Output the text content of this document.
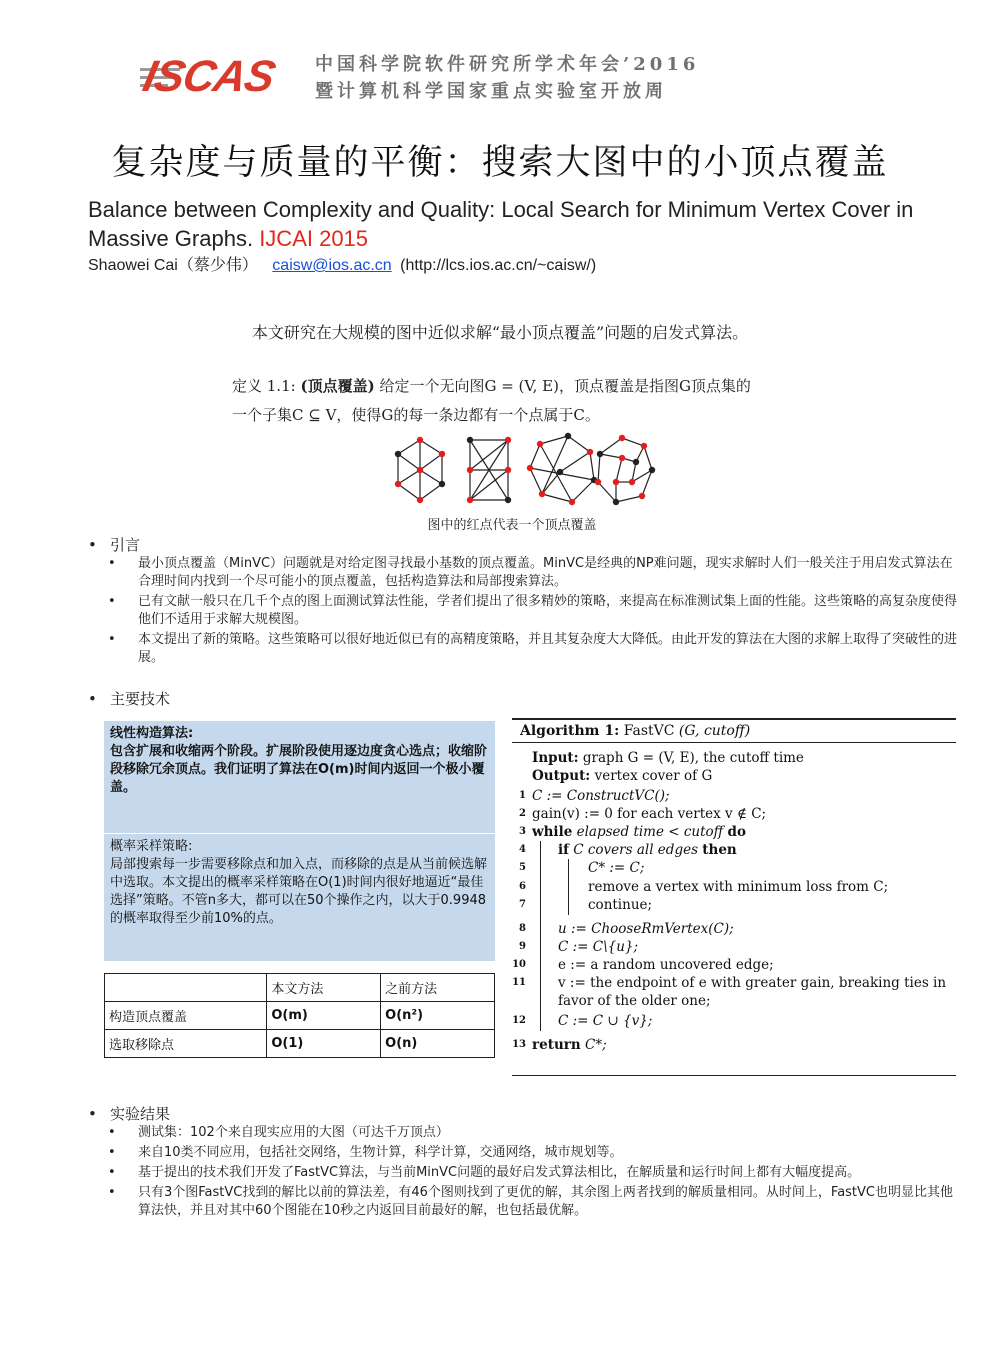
ISCAS 中国科学院软件研究所学术年会’2016
暨计算机科学国家重点实验室开放周
复杂度与质量的平衡：搜索大图中的小顶点覆盖
Balance between Complexity and Quality: Local Search for Minimum Vertex Cover in Massive Graphs. IJCAI 2015
Shaowei Cai（蔡少伟） caisw@ios.ac.cn (http://lcs.ios.ac.cn/~caisw/)
本文研究在大规模的图中近似求解“最小顶点覆盖”问题的启发式算法。
定义 1.1: (顶点覆盖) 给定一个无向图G = (V, E)，顶点覆盖是指图G顶点集的
一个子集C ⊆ V，使得G的每一条边都有一个点属于C。
图中的红点代表一个顶点覆盖
• 引言
• 最小顶点覆盖（MinVC）问题就是对给定图寻找最小基数的顶点覆盖。MinVC是经典的NP难问题，现实求解时人们一般关注于用启发式算法在合理时间内找到一个尽可能小的顶点覆盖，包括构造算法和局部搜索算法。
• 已有文献一般只在几千个点的图上面测试算法性能，学者们提出了很多精妙的策略，来提高在标准测试集上面的性能。这些策略的高复杂度使得他们不适用于求解大规模图。
• 本文提出了新的策略。这些策略可以很好地近似已有的高精度策略，并且其复杂度大大降低。由此开发的算法在大图的求解上取得了突破性的进展。
• 主要技术
线性构造算法:
包含扩展和收缩两个阶段。扩展阶段使用逐边度贪心选点；收缩阶段移除冗余顶点。我们证明了算法在O(m)时间内返回一个极小覆盖。
概率采样策略:
局部搜索每一步需要移除点和加入点，而移除的点是从当前候选解中选取。本文提出的概率采样策略在O(1)时间内很好地逼近“最佳选择”策略。不管n多大，都可以在50个操作之内，以大于0.9948的概率取得至少前10%的点。
	本文方法	之前方法
构造顶点覆盖	O(m)	O(n²)
选取移除点	O(1)	O(n)
Algorithm 1: FastVC (G, cutoff)
Input: graph G = (V, E), the cutoff time
Output: vertex cover of G
1 C := ConstructVC();
2 gain(v) := 0 for each vertex v ∉ C;
3 while elapsed time < cutoff do
4 if C covers all edges then
5	C* := C;
6	remove a vertex with minimum loss from C;
7	continue;
8 u := ChooseRmVertex(C);
9 C := C\{u};
10 e := a random uncovered edge;
11 v := the endpoint of e with greater gain, breaking ties in
favor of the older one;
12 C := C ∪ {v};
13 return C*;
• 实验结果
• 测试集：102个来自现实应用的大图（可达千万顶点）
• 来自10类不同应用，包括社交网络，生物计算，科学计算，交通网络，城市规划等。
• 基于提出的技术我们开发了FastVC算法，与当前MinVC问题的最好启发式算法相比，在解质量和运行时间上都有大幅度提高。
• 只有3个图FastVC找到的解比以前的算法差，有46个图则找到了更优的解，其余图上两者找到的解质量相同。从时间上，FastVC也明显比其他算法快，并且对其中60个图能在10秒之内返回目前最好的解，也包括最优解。
